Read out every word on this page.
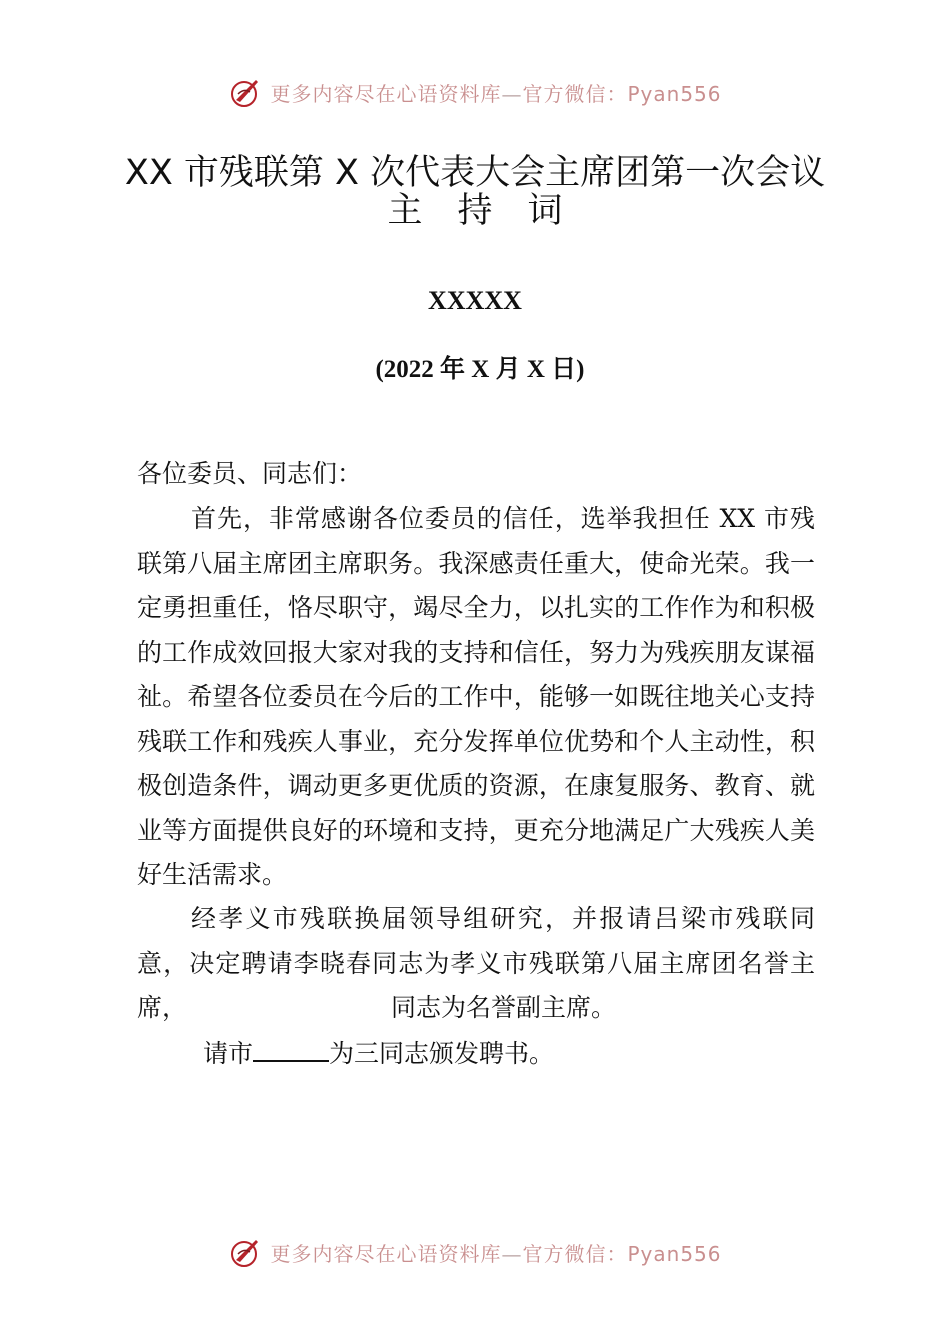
更多内容尽在心语资料库—官方微信：Pyan556
XX 市残联第 X 次代表大会主席团第一次会议主　持　词
XXXXX
(2022 年 X 月 X 日)
各位委员、同志们：
首先，非常感谢各位委员的信任，选举我担任 XX 市残联第八届主席团主席职务。我深感责任重大，使命光荣。我一定勇担重任，恪尽职守，竭尽全力，以扎实的工作作为和积极的工作成效回报大家对我的支持和信任，努力为残疾朋友谋福祉。希望各位委员在今后的工作中，能够一如既往地关心支持残联工作和残疾人事业，充分发挥单位优势和个人主动性，积极创造条件，调动更多更优质的资源，在康复服务、教育、就业等方面提供良好的环境和支持，更充分地满足广大残疾人美好生活需求。
经孝义市残联换届领导组研究，并报请吕梁市残联同意，决定聘请李晓春同志为孝义市残联第八届主席团名誉主席，	同志为名誉副主席。
请市	为三同志颁发聘书。
更多内容尽在心语资料库—官方微信：Pyan556
